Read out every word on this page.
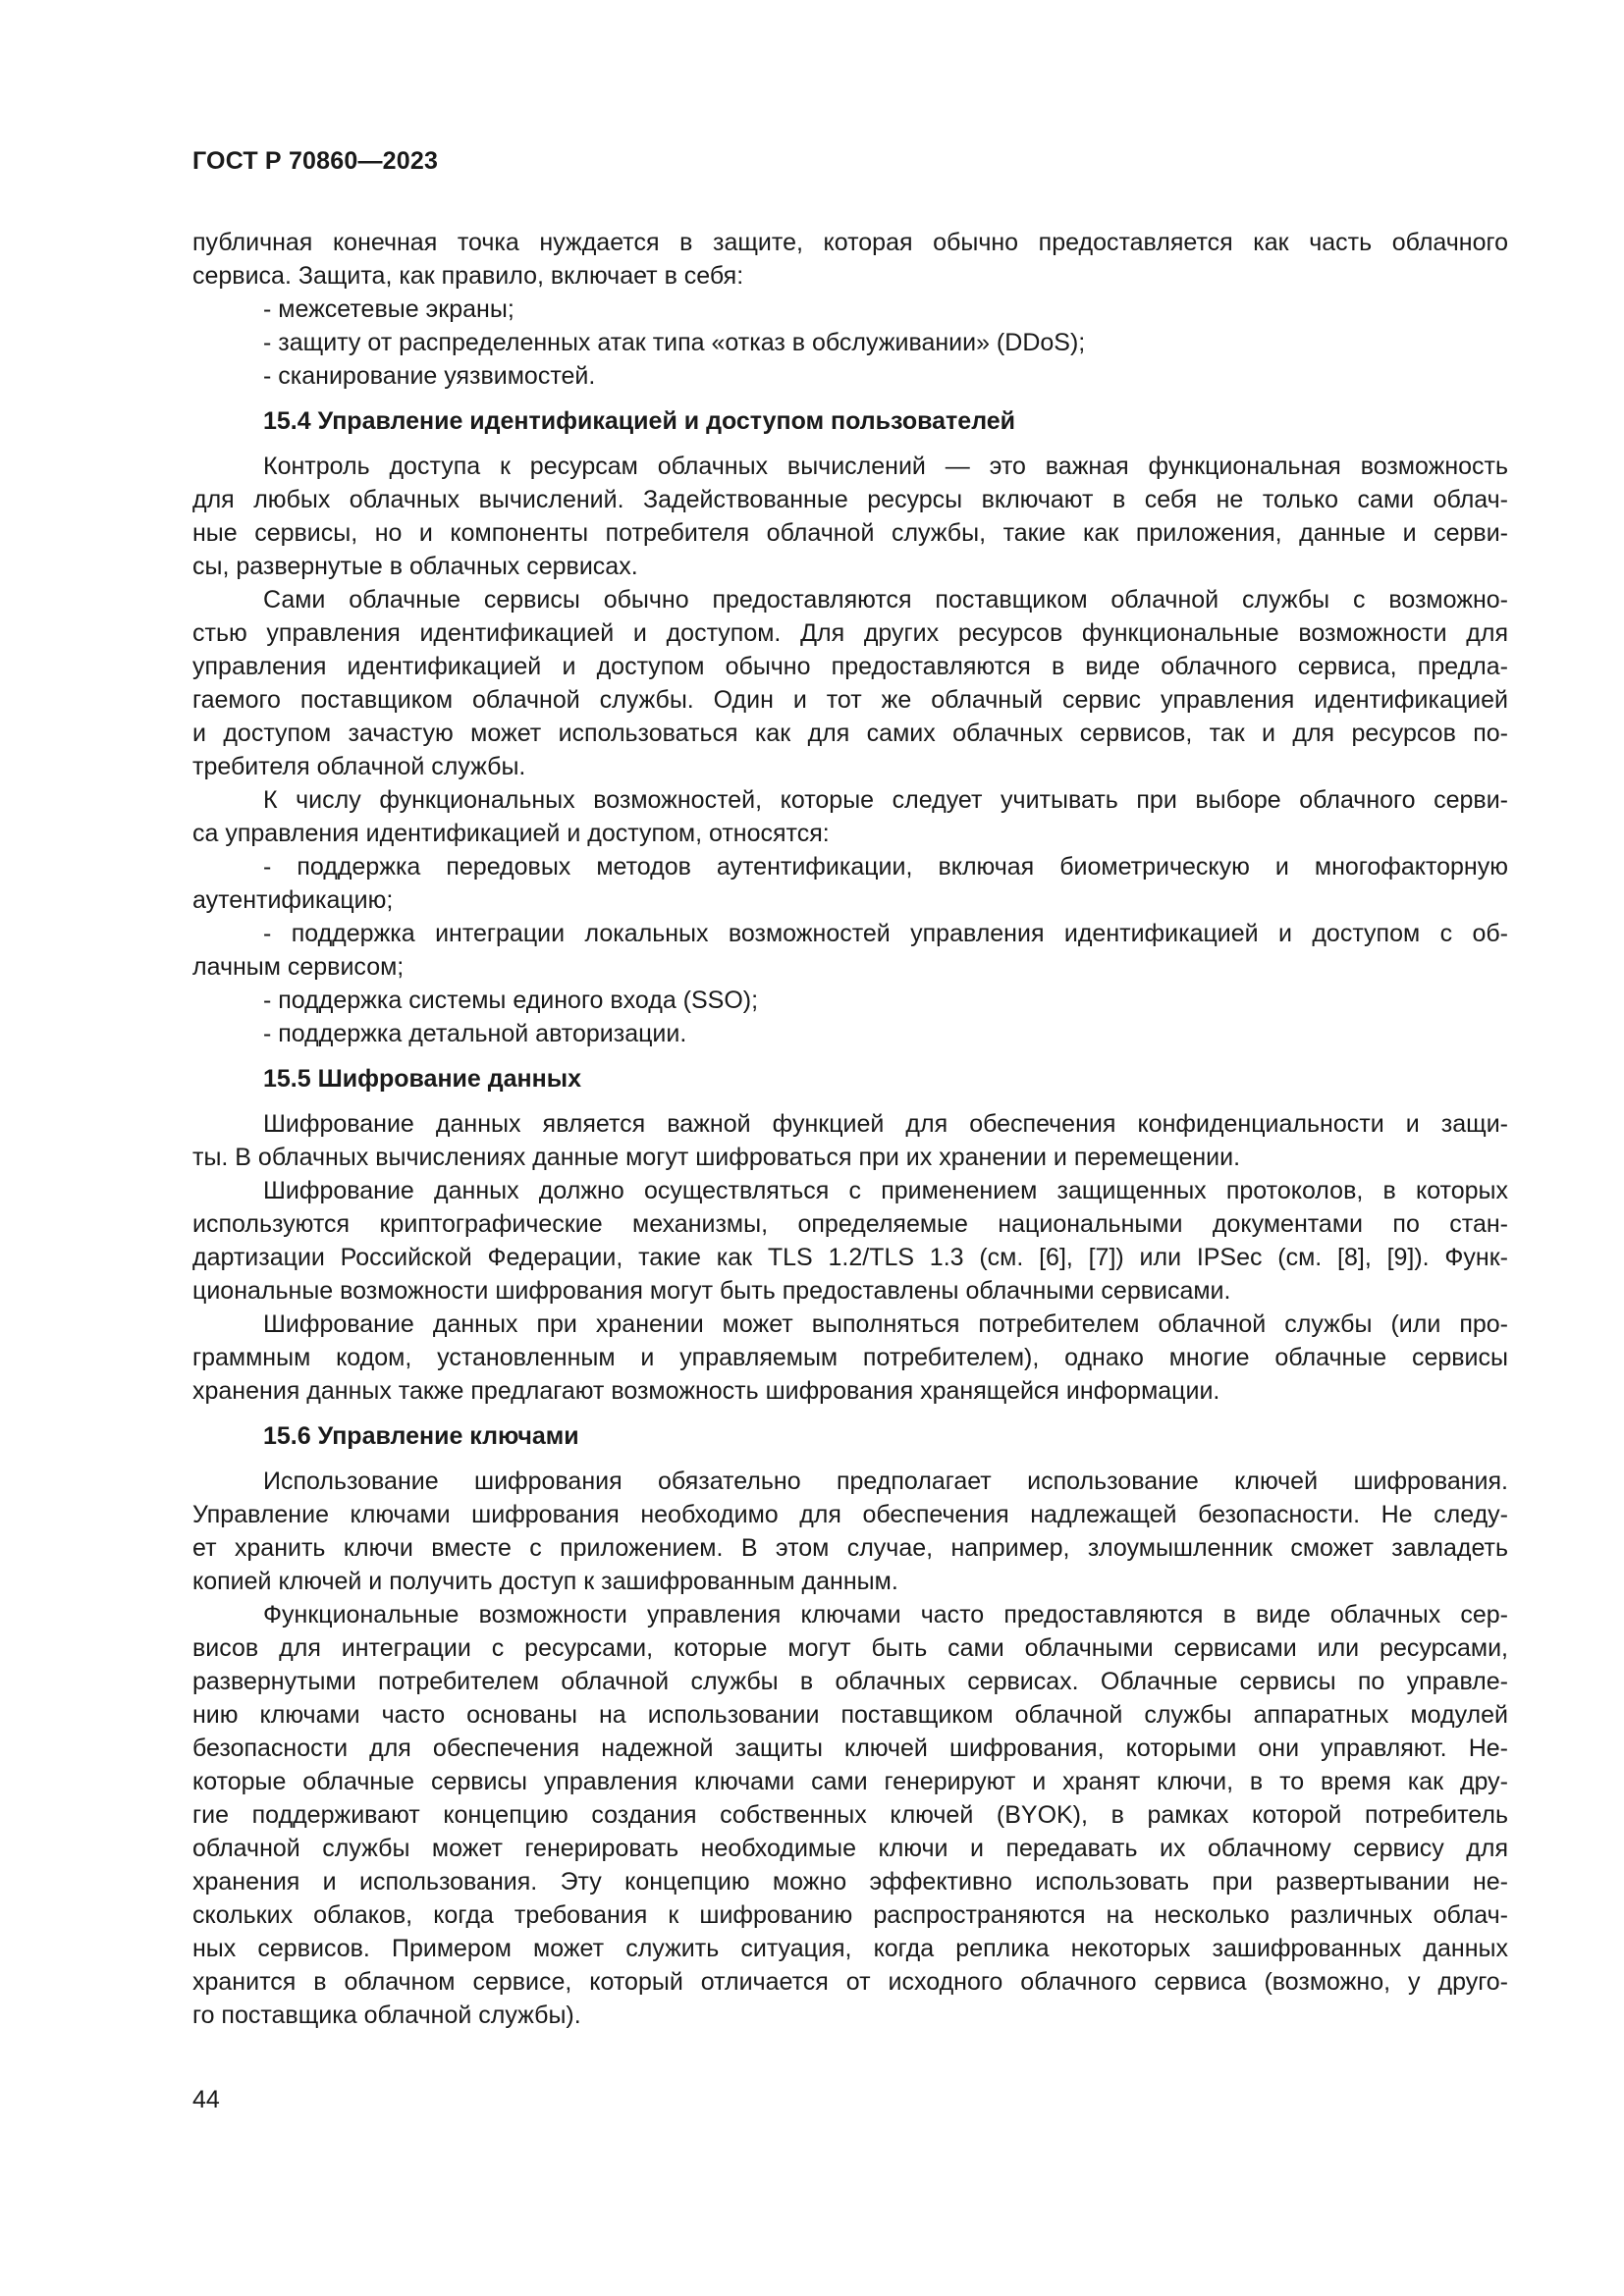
ГОСТ Р 70860—2023
публичная конечная точка нуждается в защите, которая обычно предоставляется как часть облачного
сервиса. Защита, как правило, включает в себя:
- межсетевые экраны;
- защиту от распределенных атак типа «отказ в обслуживании» (DDoS);
- сканирование уязвимостей.
15.4 Управление идентификацией и доступом пользователей
Контроль доступа к ресурсам облачных вычислений — это важная функциональная возможность
для любых облачных вычислений. Задействованные ресурсы включают в себя не только сами облач-
ные сервисы, но и компоненты потребителя облачной службы, такие как приложения, данные и серви-
сы, развернутые в облачных сервисах.
Сами облачные сервисы обычно предоставляются поставщиком облачной службы с возможно-
стью управления идентификацией и доступом. Для других ресурсов функциональные возможности для
управления идентификацией и доступом обычно предоставляются в виде облачного сервиса, предла-
гаемого поставщиком облачной службы. Один и тот же облачный сервис управления идентификацией
и доступом зачастую может использоваться как для самих облачных сервисов, так и для ресурсов по-
требителя облачной службы.
К числу функциональных возможностей, которые следует учитывать при выборе облачного серви-
са управления идентификацией и доступом, относятся:
- поддержка передовых методов аутентификации, включая биометрическую и многофакторную
аутентификацию;
- поддержка интеграции локальных возможностей управления идентификацией и доступом с об-
лачным сервисом;
- поддержка системы единого входа (SSO);
- поддержка детальной авторизации.
15.5 Шифрование данных
Шифрование данных является важной функцией для обеспечения конфиденциальности и защи-
ты. В облачных вычислениях данные могут шифроваться при их хранении и перемещении.
Шифрование данных должно осуществляться с применением защищенных протоколов, в которых
используются криптографические механизмы, определяемые национальными документами по стан-
дартизации Российской Федерации, такие как TLS 1.2/TLS 1.3 (см. [6], [7]) или IPSec (см. [8], [9]). Функ-
циональные возможности шифрования могут быть предоставлены облачными сервисами.
Шифрование данных при хранении может выполняться потребителем облачной службы (или про-
граммным кодом, установленным и управляемым потребителем), однако многие облачные сервисы
хранения данных также предлагают возможность шифрования хранящейся информации.
15.6 Управление ключами
Использование шифрования обязательно предполагает использование ключей шифрования.
Управление ключами шифрования необходимо для обеспечения надлежащей безопасности. Не следу-
ет хранить ключи вместе с приложением. В этом случае, например, злоумышленник сможет завладеть
копией ключей и получить доступ к зашифрованным данным.
Функциональные возможности управления ключами часто предоставляются в виде облачных сер-
висов для интеграции с ресурсами, которые могут быть сами облачными сервисами или ресурсами,
развернутыми потребителем облачной службы в облачных сервисах. Облачные сервисы по управле-
нию ключами часто основаны на использовании поставщиком облачной службы аппаратных модулей
безопасности для обеспечения надежной защиты ключей шифрования, которыми они управляют. Не-
которые облачные сервисы управления ключами сами генерируют и хранят ключи, в то время как дру-
гие поддерживают концепцию создания собственных ключей (BYOK), в рамках которой потребитель
облачной службы может генерировать необходимые ключи и передавать их облачному сервису для
хранения и использования. Эту концепцию можно эффективно использовать при развертывании не-
скольких облаков, когда требования к шифрованию распространяются на несколько различных облач-
ных сервисов. Примером может служить ситуация, когда реплика некоторых зашифрованных данных
хранится в облачном сервисе, который отличается от исходного облачного сервиса (возможно, у друго-
го поставщика облачной службы).
44
